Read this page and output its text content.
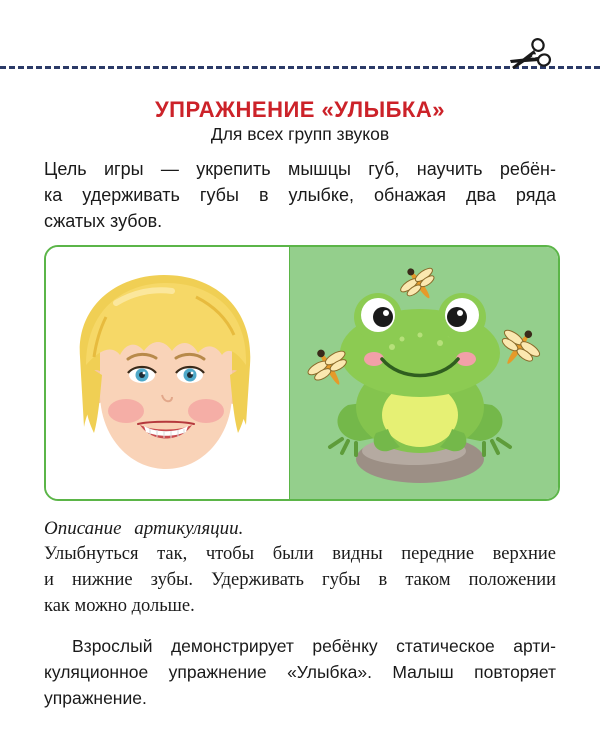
УПРАЖНЕНИЕ «УЛЫБКА»
Для всех групп звуков
Цель игры — укрепить мышцы губ, научить ребён-
ка удерживать губы в улыбке, обнажая два ряда
сжатых зубов.
Описание артикуляции.
Улыбнуться так, чтобы были видны передние верхние
и нижние зубы. Удерживать губы в таком положении
как можно дольше.
Взрослый демонстрирует ребёнку статическое арти-
куляционное упражнение «Улыбка». Малыш повторяет
упражнение.
